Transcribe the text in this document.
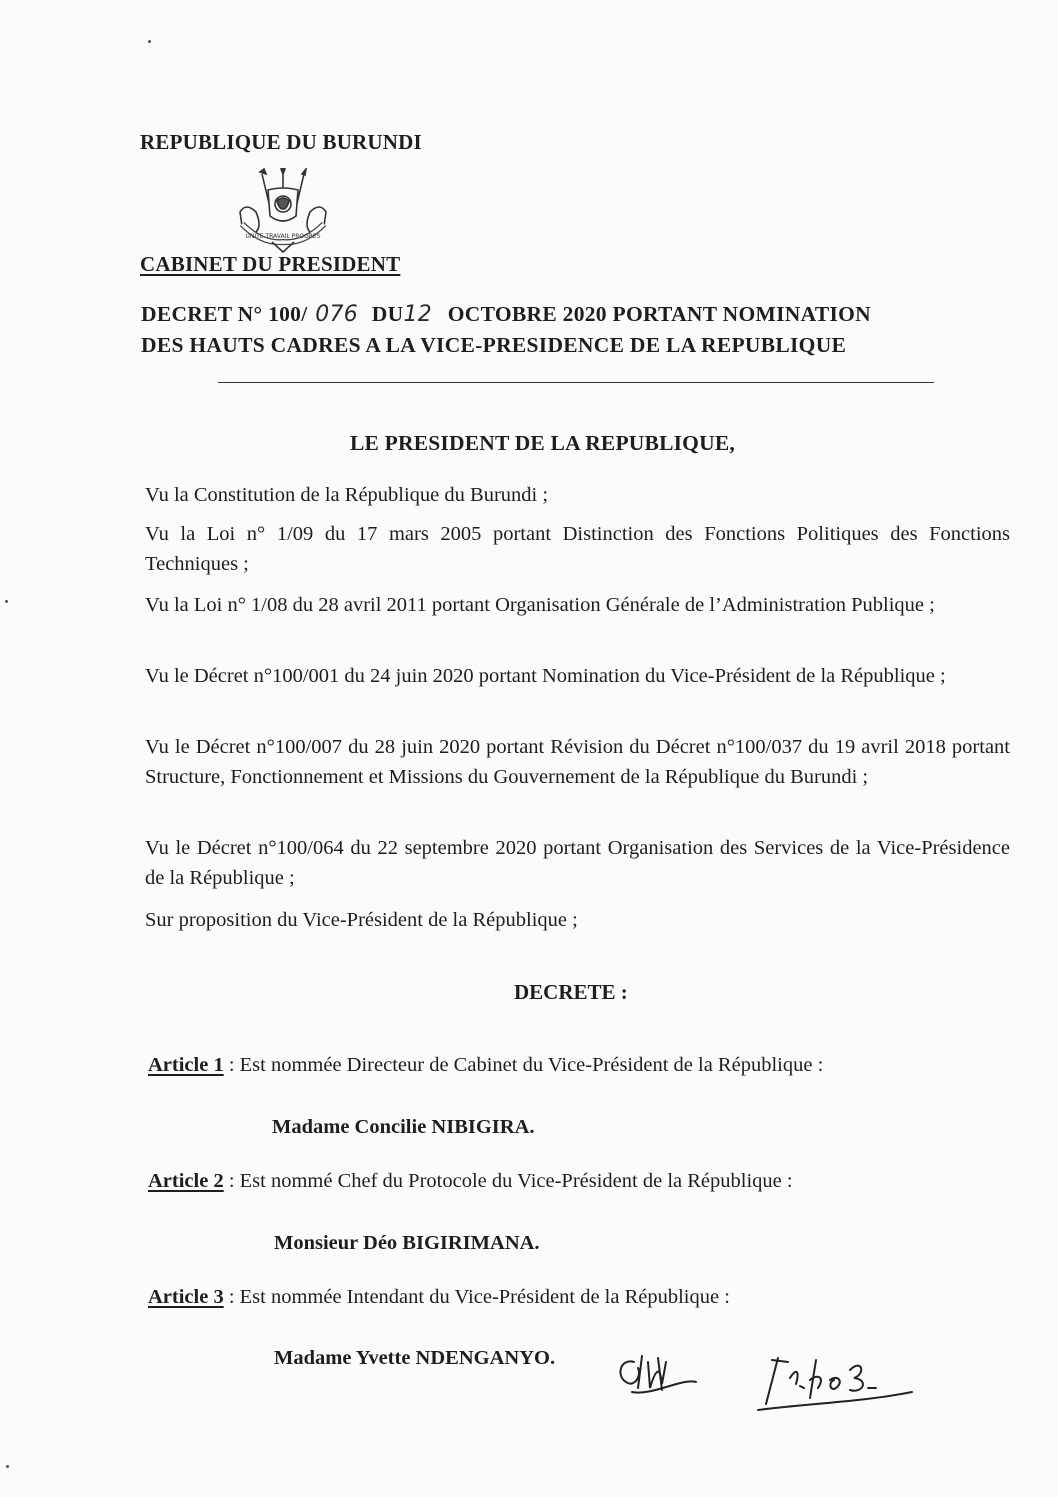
REPUBLIQUE DU BURUNDI
UNITE TRAVAIL PROGRES
CABINET DU PRESIDENT
DECRET N° 100/ 076 DU12 OCTOBRE 2020 PORTANT NOMINATION
DES HAUTS CADRES A LA VICE-PRESIDENCE DE LA REPUBLIQUE
LE PRESIDENT DE LA REPUBLIQUE,
Vu la Constitution de la République du Burundi ;
Vu la Loi n° 1/09 du 17 mars 2005 portant Distinction des Fonctions Politiques des Fonctions Techniques ;
Vu la Loi n° 1/08 du 28 avril 2011 portant Organisation Générale de l’Administration Publique ;
Vu le Décret n°100/001 du 24 juin 2020 portant Nomination du Vice-Président de la République ;
Vu le Décret n°100/007 du 28 juin 2020 portant Révision du Décret n°100/037 du 19 avril 2018 portant Structure, Fonctionnement et Missions du Gouvernement de la République du Burundi ;
Vu le Décret n°100/064 du 22 septembre 2020 portant Organisation des Services de la Vice-Présidence de la République ;
Sur proposition du Vice-Président de la République ;
DECRETE :
Article 1 : Est nommée Directeur de Cabinet du Vice-Président de la République :
Madame Concilie NIBIGIRA.
Article 2 : Est nommé Chef du Protocole du Vice-Président de la République :
Monsieur Déo BIGIRIMANA.
Article 3 : Est nommée Intendant du Vice-Président de la République :
Madame Yvette NDENGANYO.
